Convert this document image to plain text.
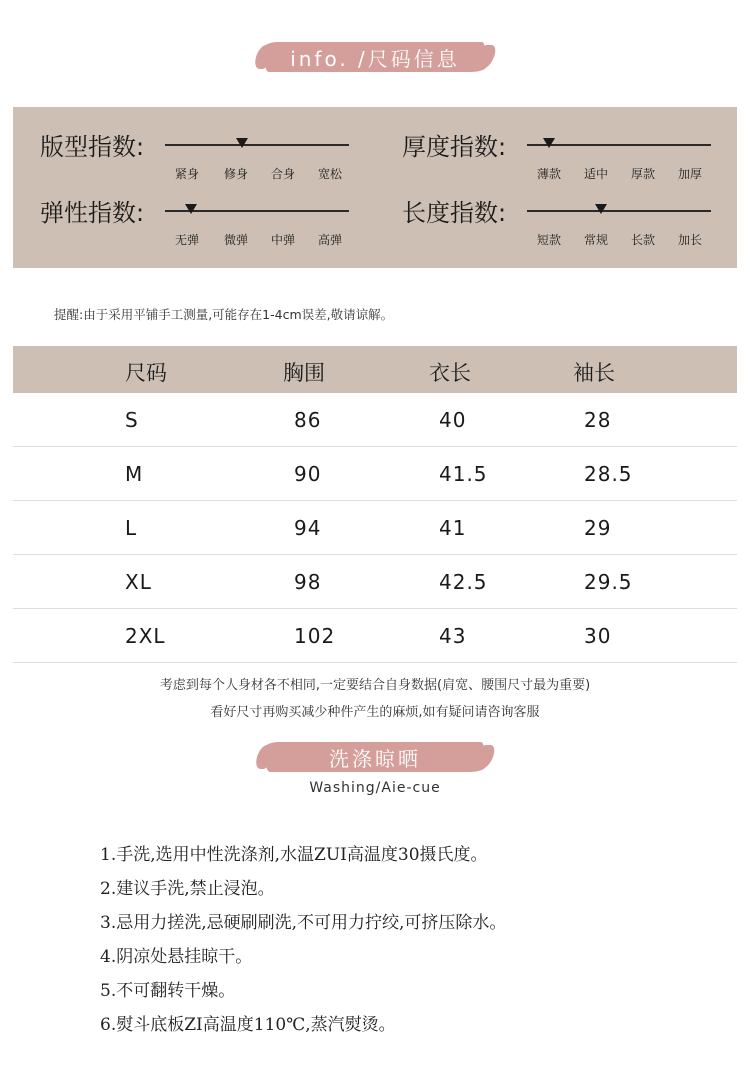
info. /尺码信息
版型指数:
紧身 修身 合身 宽松
厚度指数:
薄款 适中 厚款 加厚
弹性指数:
无弹 微弹 中弹 高弹
长度指数:
短款 常规 长款 加长
提醒:由于采用平铺手工测量,可能存在1-4cm误差,敬请谅解。
尺码	胸围	衣长	袖长
S	86	40	28
M	90	41.5	28.5
L	94	41	29
XL	98	42.5	29.5
2XL	102	43	30
考虑到每个人身材各不相同,一定要结合自身数据(肩宽、腰围尺寸最为重要)
看好尺寸再购买减少种件产生的麻烦,如有疑问请咨询客服
洗涤晾晒
Washing/Aie-cue
1.手洗,选用中性洗涤剂,水温ZUI高温度30摄氏度。
2.建议手洗,禁止浸泡。
3.忌用力搓洗,忌硬刷刷洗,不可用力拧绞,可挤压除水。
4.阴凉处悬挂晾干。
5.不可翻转干燥。
6.熨斗底板ZI高温度110℃,蒸汽熨烫。
